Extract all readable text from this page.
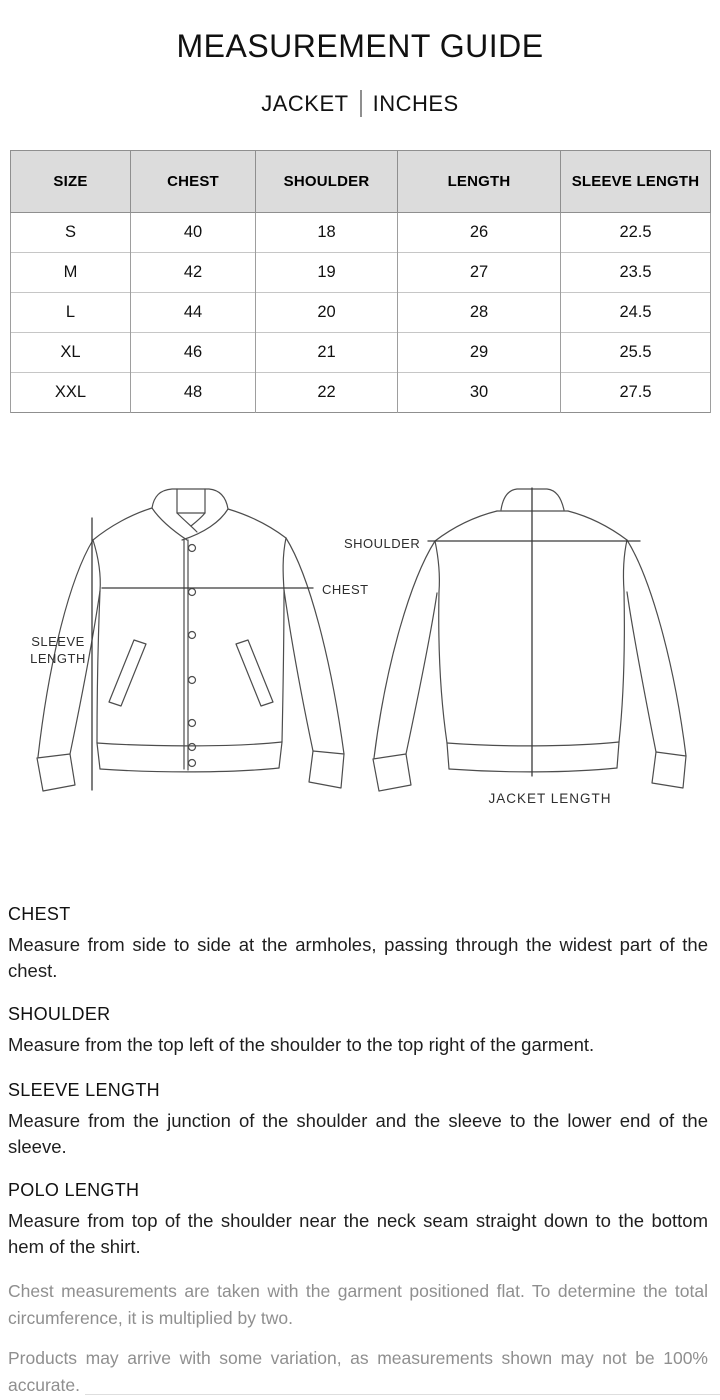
MEASUREMENT GUIDE
JACKET INCHES
SIZE	CHEST	SHOULDER	LENGTH	SLEEVE LENGTH
S	40	18	26	22.5
M	42	19	27	23.5
L	44	20	28	24.5
XL	46	21	29	25.5
XXL	48	22	30	27.5
SLEEVE
LENGTH
CHEST
SHOULDER
JACKET LENGTH
CHEST

Measure from side to side at the armholes, passing through the widest part of the chest.

SHOULDER

Measure from the top left of the shoulder to the top right of the garment.

SLEEVE LENGTH

Measure from the junction of the shoulder and the sleeve to the lower end of the sleeve.

POLO LENGTH

Measure from top of the shoulder near the neck seam straight down to the bottom hem of the shirt.

Chest measurements are taken with the garment positioned flat. To determine the total circumference, it is multiplied by two.

Products may arrive with some variation, as measurements shown may not be 100% accurate.
